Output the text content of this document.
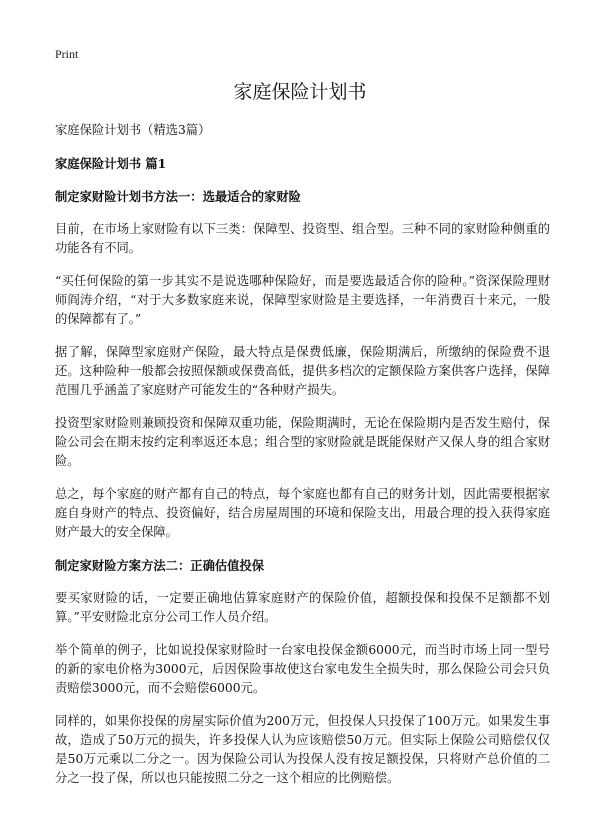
Print
家庭保险计划书

家庭保险计划书（精选3篇）

家庭保险计划书 篇1

制定家财险计划书方法一：选最适合的家财险

目前，在市场上家财险有以下三类：保障型、投资型、组合型。三种不同的家财险种侧重的功能各有不同。

“买任何保险的第一步其实不是说选哪种保险好，而是要选最适合你的险种。”资深保险理财师阎涛介绍，“对于大多数家庭来说，保障型家财险是主要选择，一年消费百十来元，一般的保障都有了。”

据了解，保障型家庭财产保险，最大特点是保费低廉，保险期满后，所缴纳的保险费不退还。这种险种一般都会按照保额或保费高低，提供多档次的定额保险方案供客户选择，保障范围几乎涵盖了家庭财产可能发生的“各种财产损失。

投资型家财险则兼顾投资和保障双重功能，保险期满时，无论在保险期内是否发生赔付，保险公司会在期末按约定利率返还本息；组合型的家财险就是既能保财产又保人身的组合家财险。

总之，每个家庭的财产都有自己的特点，每个家庭也都有自己的财务计划，因此需要根据家庭自身财产的特点、投资偏好，结合房屋周围的环境和保险支出，用最合理的投入获得家庭财产最大的安全保障。

制定家财险方案方法二：正确估值投保

要买家财险的话，一定要正确地估算家庭财产的保险价值，超额投保和投保不足额都不划算。”平安财险北京分公司工作人员介绍。

举个简单的例子，比如说投保家财险时一台家电投保金额6000元，而当时市场上同一型号的新的家电价格为3000元，后因保险事故使这台家电发生全损失时，那么保险公司会只负责赔偿3000元，而不会赔偿6000元。

同样的，如果你投保的房屋实际价值为200万元，但投保人只投保了100万元。如果发生事故，造成了50万元的损失，许多投保人认为应该赔偿50万元。但实际上保险公司赔偿仅仅是50万元乘以二分之一。因为保险公司认为投保人没有按足额投保，只将财产总价值的二分之一投了保，所以也只能按照二分之一这个相应的比例赔偿。
